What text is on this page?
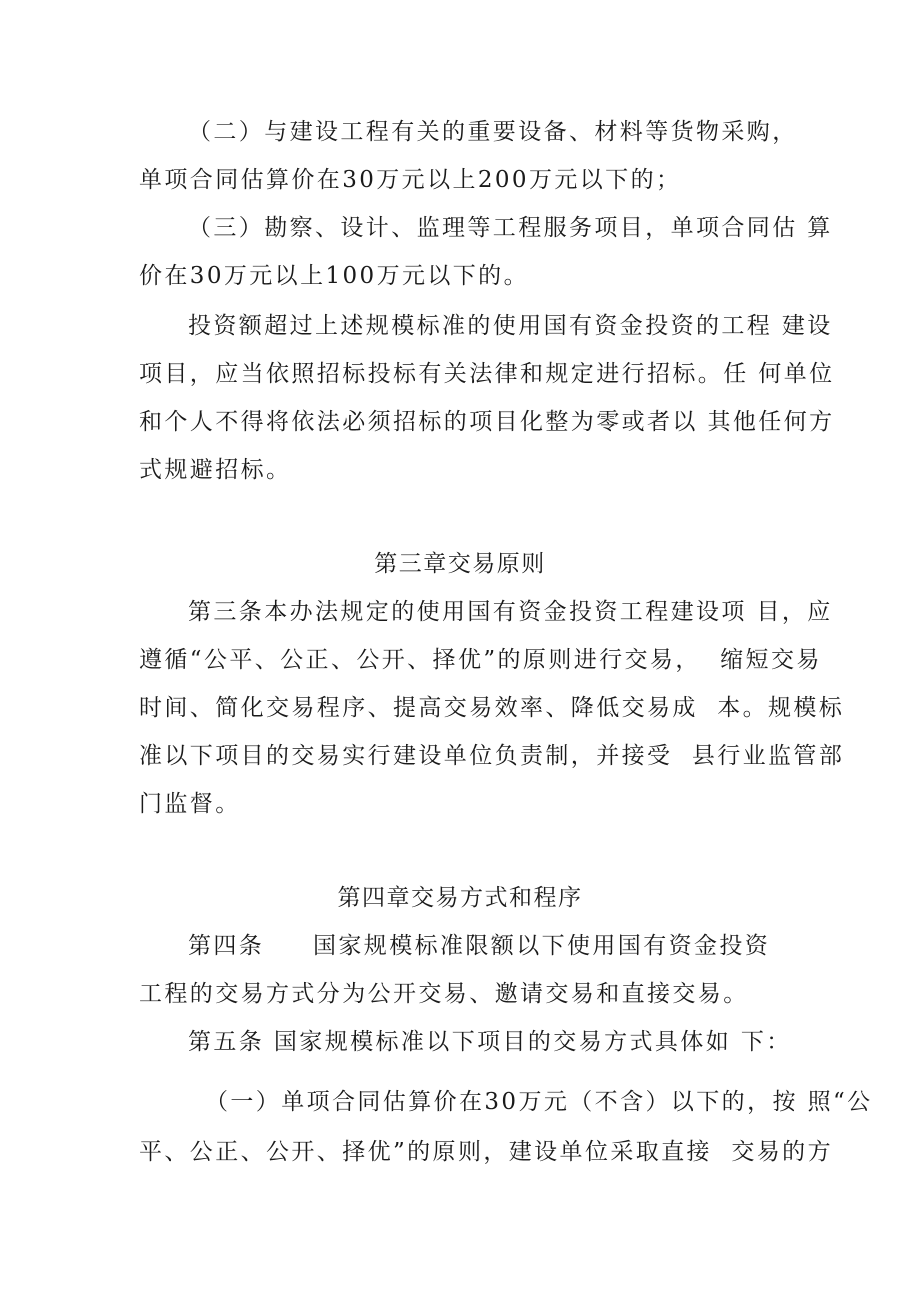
（二）与建设工程有关的重要设备、材料等货物采购，
单项合同估算价在30万元以上200万元以下的；
（三）勘察、设计、监理等工程服务项目，单项合同估 算
价在30万元以上100万元以下的。
投资额超过上述规模标准的使用国有资金投资的工程 建设
项目，应当依照招标投标有关法律和规定进行招标。任 何单位
和个人不得将依法必须招标的项目化整为零或者以 其他任何方
式规避招标。
第三章交易原则
第三条本办法规定的使用国有资金投资工程建设项 目，应
遵循“公平、公正、公开、择优”的原则进行交易，  缩短交易
时间、简化交易程序、提高交易效率、降低交易成  本。规模标
准以下项目的交易实行建设单位负责制，并接受  县行业监管部
门监督。
第四章交易方式和程序
第四条 国家规模标准限额以下使用国有资金投资
工程的交易方式分为公开交易、邀请交易和直接交易。
第五条 国家规模标准以下项目的交易方式具体如 下：
（一）单项合同估算价在30万元（不含）以下的，按 照“公
平、公正、公开、择优”的原则，建设单位采取直接  交易的方
